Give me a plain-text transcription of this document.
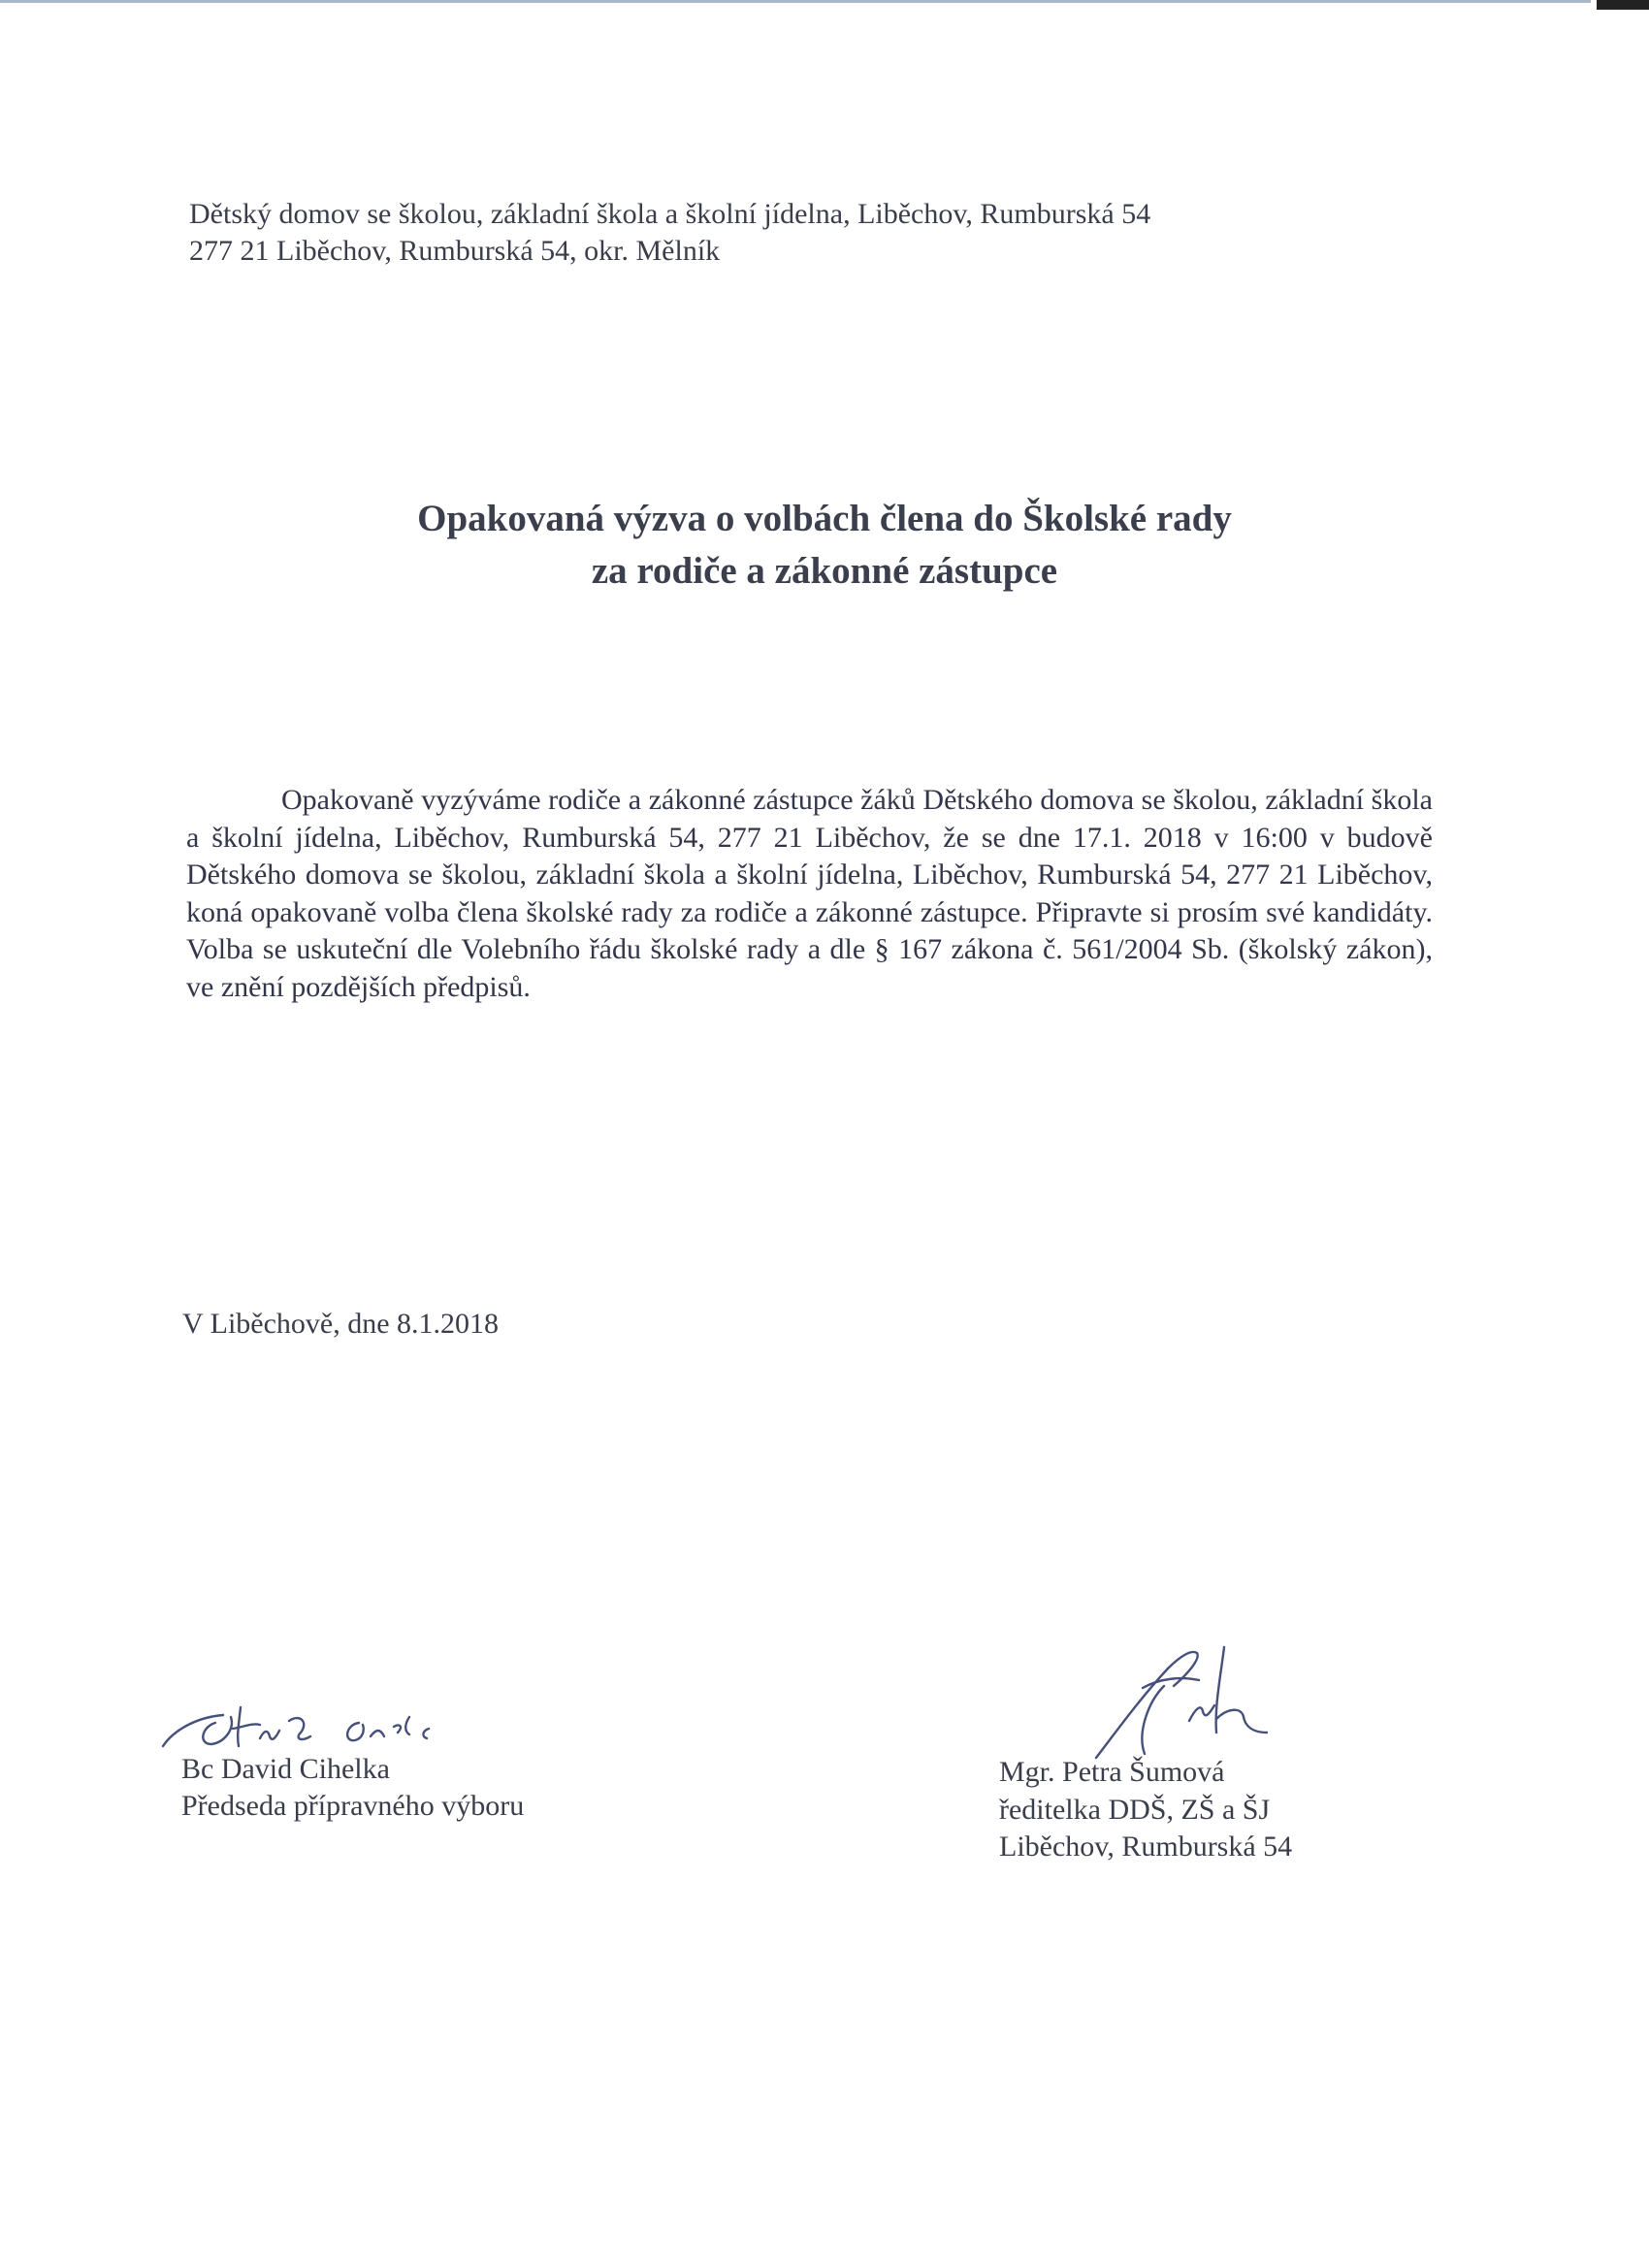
Dětský domov se školou, základní škola a školní jídelna, Liběchov, Rumburská 54
277 21 Liběchov, Rumburská 54, okr. Mělník
Opakovaná výzva o volbách člena do Školské rady
za rodiče a zákonné zástupce

Opakovaně vyzýváme rodiče a zákonné zástupce žáků Dětského domova se školou, základní škola a školní jídelna, Liběchov, Rumburská 54, 277 21 Liběchov, že se dne 17.1. 2018 v 16:00 v budově Dětského domova se školou, základní škola a školní jídelna, Liběchov, Rumburská 54, 277 21 Liběchov, koná opakovaně volba člena školské rady za rodiče a zákonné zástupce. Připravte si prosím své kandidáty. Volba se uskuteční dle Volebního řádu školské rady a dle § 167 zákona č. 561/2004 Sb. (školský zákon), ve znění pozdějších předpisů.

V Liběchově, dne 8.1.2018
Bc David Cihelka
Předseda přípravného výboru
Mgr. Petra Šumová
ředitelka DDŠ, ZŠ a ŠJ
Liběchov, Rumburská 54
